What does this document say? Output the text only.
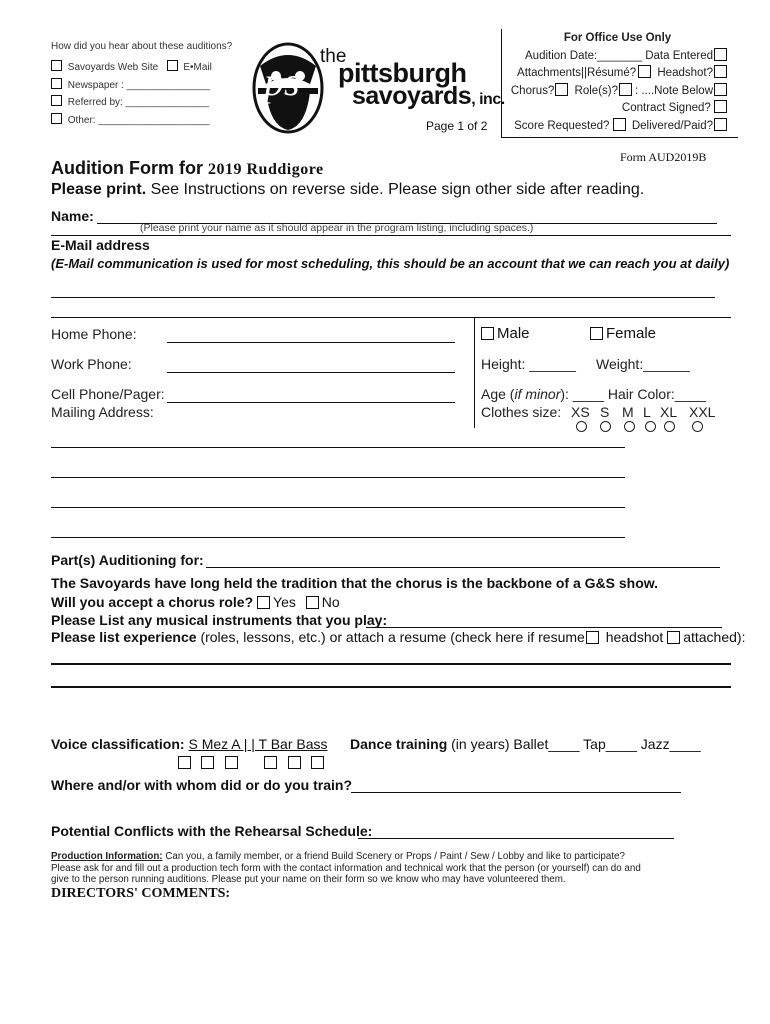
How did you hear about these auditions?
Savoyards Web Site	E•Mail
Newspaper : _______________
Referred by: _______________
Other: ____________________
ps
the
pittsburgh
savoyards, inc.
Page 1 of 2
For Office Use Only
Audition Date:_______ Data Entered
Attachments||Résumé? Headshot?
Chorus? Role(s)? : ....Note Below
Contract Signed?
Score Requested? Delivered/Paid?
Form AUD2019B
Audition Form for 2019 Ruddigore
Please print. See Instructions on reverse side. Please sign other side after reading.
Name:
(Please print your name as it should appear in the program listing, including spaces.)
E-Mail address
(E-Mail communication is used for most scheduling, this should be an account that we can reach you at daily)
Home Phone:
Work Phone:
Cell Phone/Pager:
Mailing Address:
Male	Female
Height: ______ Weight:______
Age (if minor): ____ Hair Color:____
Clothes size: XS S M L XL XXL
Part(s) Auditioning for:
The Savoyards have long held the tradition that the chorus is the backbone of a G&S show.
Will you accept a chorus role? Yes No
Please List any musical instruments that you play:
Please list experience (roles, lessons, etc.) or attach a resume (check here if resume headshot attached):
Voice classification: S Mez A | | T Bar Bass Dance training (in years) Ballet____ Tap____ Jazz____

Where and/or with whom did or do you train?
Potential Conflicts with the Rehearsal Schedule:
Production Information: Can you, a family member, or a friend Build Scenery or Props / Paint / Sew / Lobby and like to participate?
Please ask for and fill out a production tech form with the contact information and technical work that the person (or yourself) can do and
give to the person running auditions. Please put your name on their form so we know who may have volunteered them.
DIRECTORS' COMMENTS:
